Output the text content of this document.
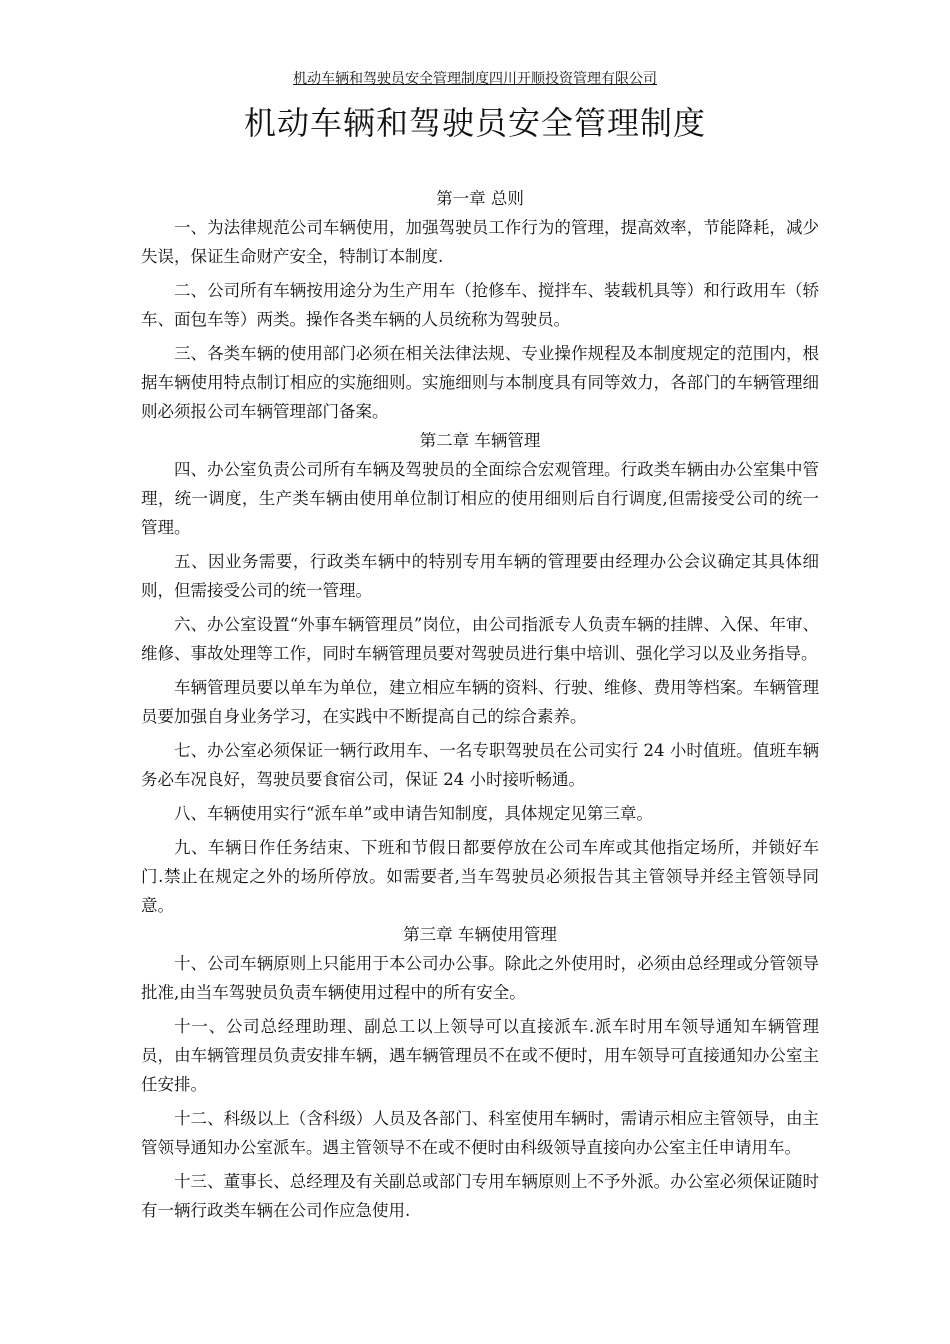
机动车辆和驾驶员安全管理制度四川开顺投资管理有限公司
机动车辆和驾驶员安全管理制度

第一章 总则

一、为法律规范公司车辆使用，加强驾驶员工作行为的管理，提高效率，节能降耗，减少失误，保证生命财产安全，特制订本制度.

二、公司所有车辆按用途分为生产用车（抢修车、搅拌车、装载机具等）和行政用车（轿车、面包车等）两类。操作各类车辆的人员统称为驾驶员。

三、各类车辆的使用部门必须在相关法律法规、专业操作规程及本制度规定的范围内，根据车辆使用特点制订相应的实施细则。实施细则与本制度具有同等效力，各部门的车辆管理细则必须报公司车辆管理部门备案。

第二章 车辆管理

四、办公室负责公司所有车辆及驾驶员的全面综合宏观管理。行政类车辆由办公室集中管理，统一调度，生产类车辆由使用单位制订相应的使用细则后自行调度,但需接受公司的统一管理。

五、因业务需要，行政类车辆中的特别专用车辆的管理要由经理办公会议确定其具体细则，但需接受公司的统一管理。

六、办公室设置“外事车辆管理员”岗位，由公司指派专人负责车辆的挂牌、入保、年审、维修、事故处理等工作，同时车辆管理员要对驾驶员进行集中培训、强化学习以及业务指导。

车辆管理员要以单车为单位，建立相应车辆的资料、行驶、维修、费用等档案。车辆管理员要加强自身业务学习，在实践中不断提高自己的综合素养。

七、办公室必须保证一辆行政用车、一名专职驾驶员在公司实行 24 小时值班。值班车辆务必车况良好，驾驶员要食宿公司，保证 24 小时接听畅通。

八、车辆使用实行“派车单”或申请告知制度，具体规定见第三章。

九、车辆日作任务结束、下班和节假日都要停放在公司车库或其他指定场所，并锁好车门.禁止在规定之外的场所停放。如需要者,当车驾驶员必须报告其主管领导并经主管领导同意。

第三章 车辆使用管理

十、公司车辆原则上只能用于本公司办公事。除此之外使用时，必须由总经理或分管领导批准,由当车驾驶员负责车辆使用过程中的所有安全。

十一、公司总经理助理、副总工以上领导可以直接派车.派车时用车领导通知车辆管理员，由车辆管理员负责安排车辆，遇车辆管理员不在或不便时，用车领导可直接通知办公室主任安排。

十二、科级以上（含科级）人员及各部门、科室使用车辆时，需请示相应主管领导，由主管领导通知办公室派车。遇主管领导不在或不便时由科级领导直接向办公室主任申请用车。

十三、董事长、总经理及有关副总或部门专用车辆原则上不予外派。办公室必须保证随时有一辆行政类车辆在公司作应急使用.
